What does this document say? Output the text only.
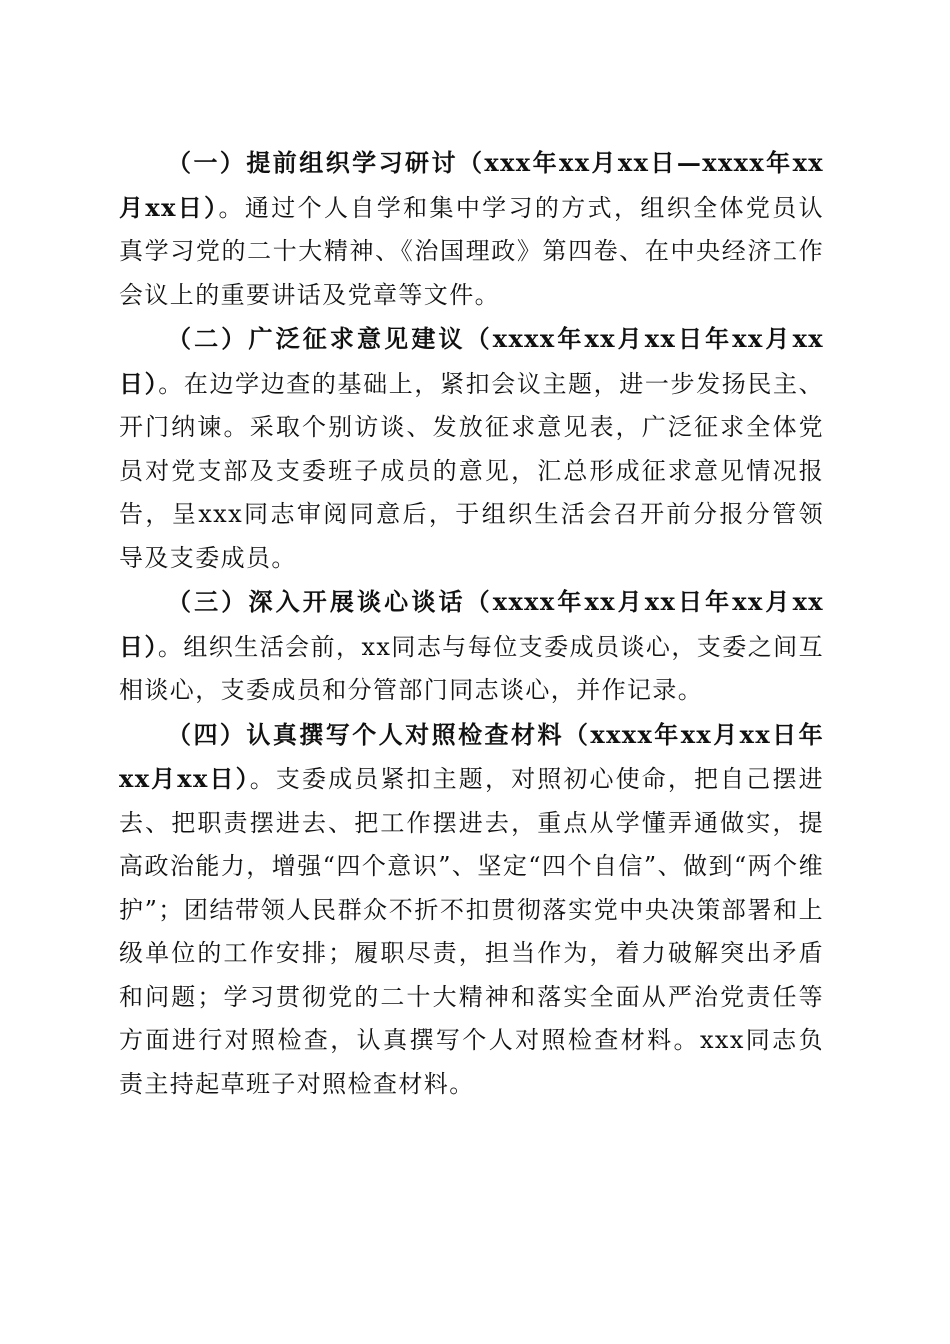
（一）提前组织学习研讨（xxx年xx月xx日—xxxx年xx月xx日）。通过个人自学和集中学习的方式，组织全体党员认真学习党的二十大精神、《治国理政》第四卷、在中央经济工作会议上的重要讲话及党章等文件。

（二）广泛征求意见建议（xxxx年xx月xx日年xx月xx日）。在边学边查的基础上，紧扣会议主题，进一步发扬民主、开门纳谏。采取个别访谈、发放征求意见表，广泛征求全体党员对党支部及支委班子成员的意见，汇总形成征求意见情况报告，呈xxx同志审阅同意后，于组织生活会召开前分报分管领导及支委成员。

（三）深入开展谈心谈话（xxxx年xx月xx日年xx月xx日）。组织生活会前，xx同志与每位支委成员谈心，支委之间互相谈心，支委成员和分管部门同志谈心，并作记录。

（四）认真撰写个人对照检查材料（xxxx年xx月xx日年xx月xx日）。支委成员紧扣主题，对照初心使命，把自己摆进去、把职责摆进去、把工作摆进去，重点从学懂弄通做实，提高政治能力，增强“四个意识”、坚定“四个自信”、做到“两个维护”；团结带领人民群众不折不扣贯彻落实党中央决策部署和上级单位的工作安排；履职尽责，担当作为，着力破解突出矛盾和问题；学习贯彻党的二十大精神和落实全面从严治党责任等方面进行对照检查，认真撰写个人对照检查材料。xxx同志负责主持起草班子对照检查材料。
